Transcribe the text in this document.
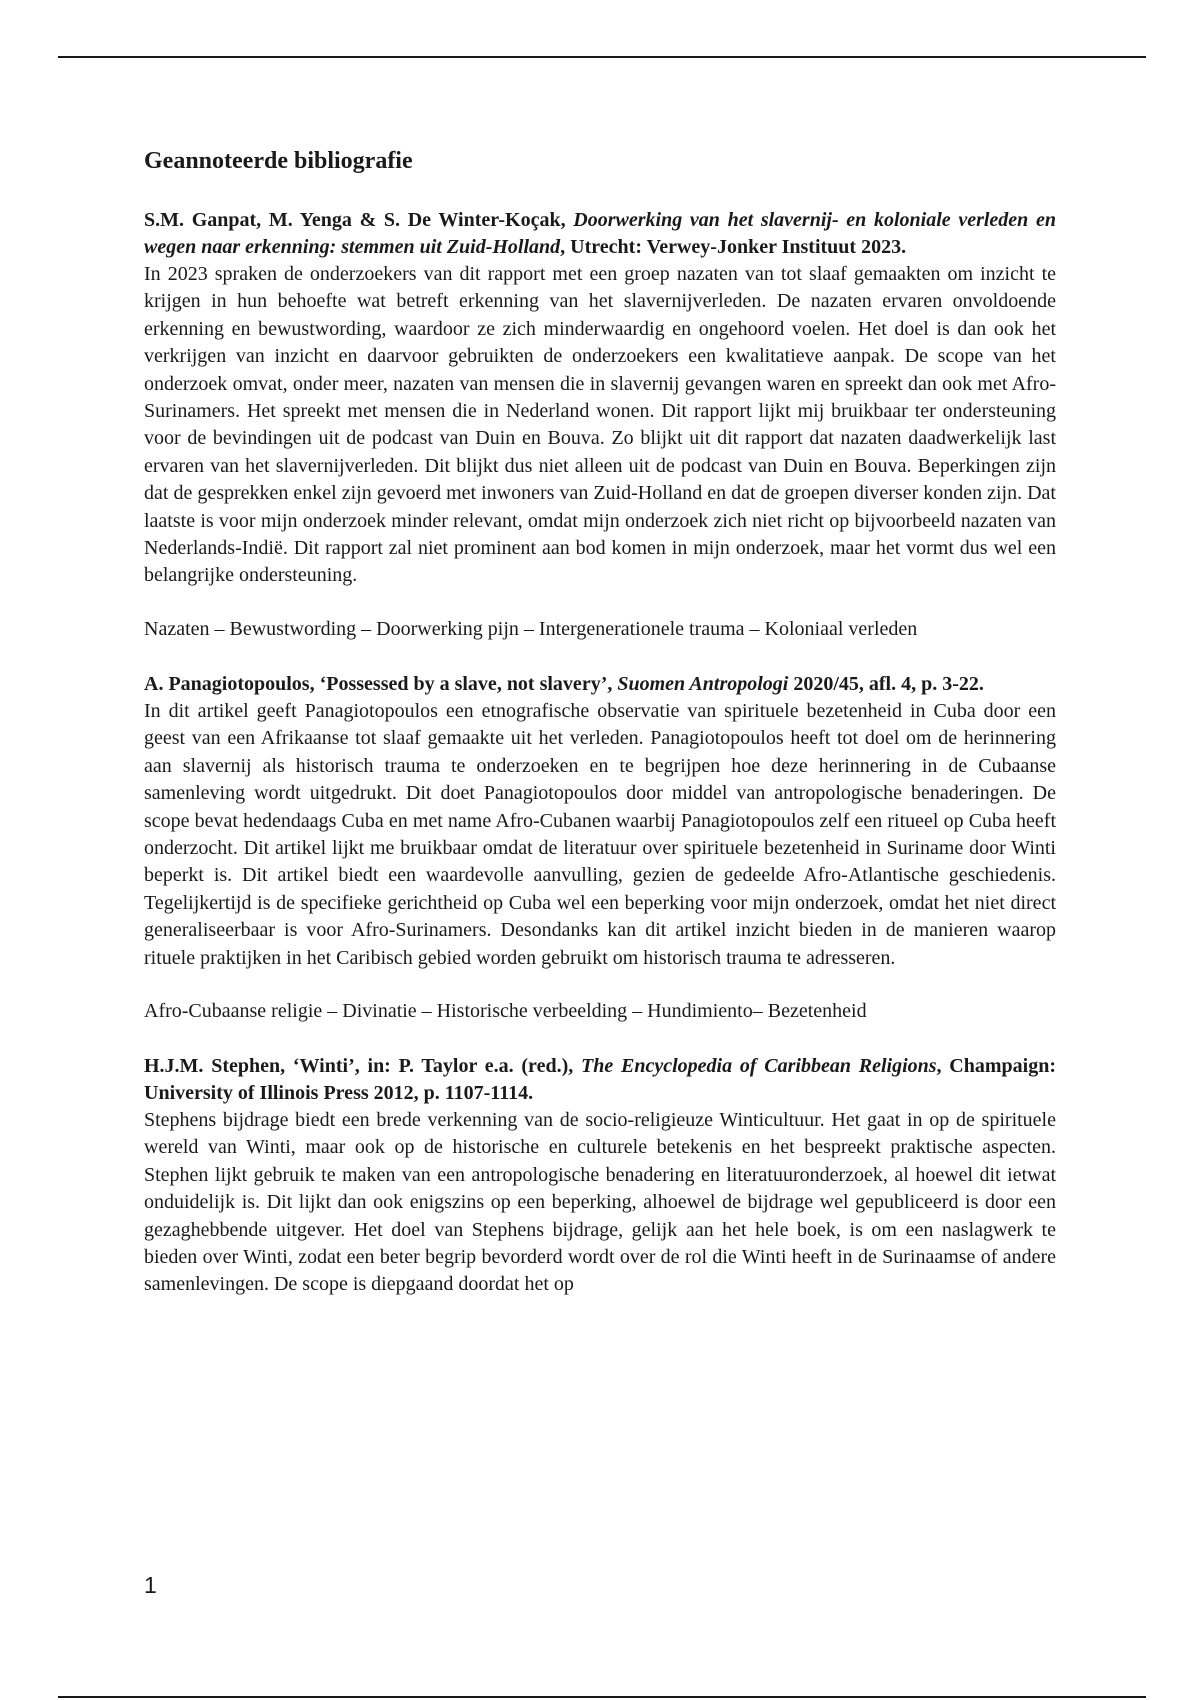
Geannoteerde bibliografie

S.M. Ganpat, M. Yenga & S. De Winter-Koçak, Doorwerking van het slavernij- en koloniale verleden en wegen naar erkenning: stemmen uit Zuid-Holland, Utrecht: Verwey-Jonker Instituut 2023.

In 2023 spraken de onderzoekers van dit rapport met een groep nazaten van tot slaaf gemaakten om inzicht te krijgen in hun behoefte wat betreft erkenning van het slavernijverleden. De nazaten ervaren onvoldoende erkenning en bewustwording, waardoor ze zich minderwaardig en ongehoord voelen. Het doel is dan ook het verkrijgen van inzicht en daarvoor gebruikten de onderzoekers een kwalitatieve aanpak. De scope van het onderzoek omvat, onder meer, nazaten van mensen die in slavernij gevangen waren en spreekt dan ook met Afro-Surinamers. Het spreekt met mensen die in Nederland wonen. Dit rapport lijkt mij bruikbaar ter ondersteuning voor de bevindingen uit de podcast van Duin en Bouva. Zo blijkt uit dit rapport dat nazaten daadwerkelijk last ervaren van het slavernijverleden. Dit blijkt dus niet alleen uit de podcast van Duin en Bouva. Beperkingen zijn dat de gesprekken enkel zijn gevoerd met inwoners van Zuid-Holland en dat de groepen diverser konden zijn. Dat laatste is voor mijn onderzoek minder relevant, omdat mijn onderzoek zich niet richt op bijvoorbeeld nazaten van Nederlands-Indië. Dit rapport zal niet prominent aan bod komen in mijn onderzoek, maar het vormt dus wel een belangrijke ondersteuning.

Nazaten – Bewustwording – Doorwerking pijn – Intergenerationele trauma – Koloniaal verleden

A. Panagiotopoulos, ‘Possessed by a slave, not slavery’, Suomen Antropologi 2020/45, afl. 4, p. 3-22.

In dit artikel geeft Panagiotopoulos een etnografische observatie van spirituele bezetenheid in Cuba door een geest van een Afrikaanse tot slaaf gemaakte uit het verleden. Panagiotopoulos heeft tot doel om de herinnering aan slavernij als historisch trauma te onderzoeken en te begrijpen hoe deze herinnering in de Cubaanse samenleving wordt uitgedrukt. Dit doet Panagiotopoulos door middel van antropologische benaderingen. De scope bevat hedendaags Cuba en met name Afro-Cubanen waarbij Panagiotopoulos zelf een ritueel op Cuba heeft onderzocht. Dit artikel lijkt me bruikbaar omdat de literatuur over spirituele bezetenheid in Suriname door Winti beperkt is. Dit artikel biedt een waardevolle aanvulling, gezien de gedeelde Afro-Atlantische geschiedenis. Tegelijkertijd is de specifieke gerichtheid op Cuba wel een beperking voor mijn onderzoek, omdat het niet direct generaliseerbaar is voor Afro-Surinamers. Desondanks kan dit artikel inzicht bieden in de manieren waarop rituele praktijken in het Caribisch gebied worden gebruikt om historisch trauma te adresseren.

Afro-Cubaanse religie – Divinatie – Historische verbeelding – Hundimiento– Bezetenheid

H.J.M. Stephen, ‘Winti’, in: P. Taylor e.a. (red.), The Encyclopedia of Caribbean Religions, Champaign: University of Illinois Press 2012, p. 1107-1114.

Stephens bijdrage biedt een brede verkenning van de socio-religieuze Winticultuur. Het gaat in op de spirituele wereld van Winti, maar ook op de historische en culturele betekenis en het bespreekt praktische aspecten. Stephen lijkt gebruik te maken van een antropologische benadering en literatuuronderzoek, al hoewel dit ietwat onduidelijk is. Dit lijkt dan ook enigszins op een beperking, alhoewel de bijdrage wel gepubliceerd is door een gezaghebbende uitgever. Het doel van Stephens bijdrage, gelijk aan het hele boek, is om een naslagwerk te bieden over Winti, zodat een beter begrip bevorderd wordt over de rol die Winti heeft in de Surinaamse of andere samenlevingen. De scope is diepgaand doordat het op

1
